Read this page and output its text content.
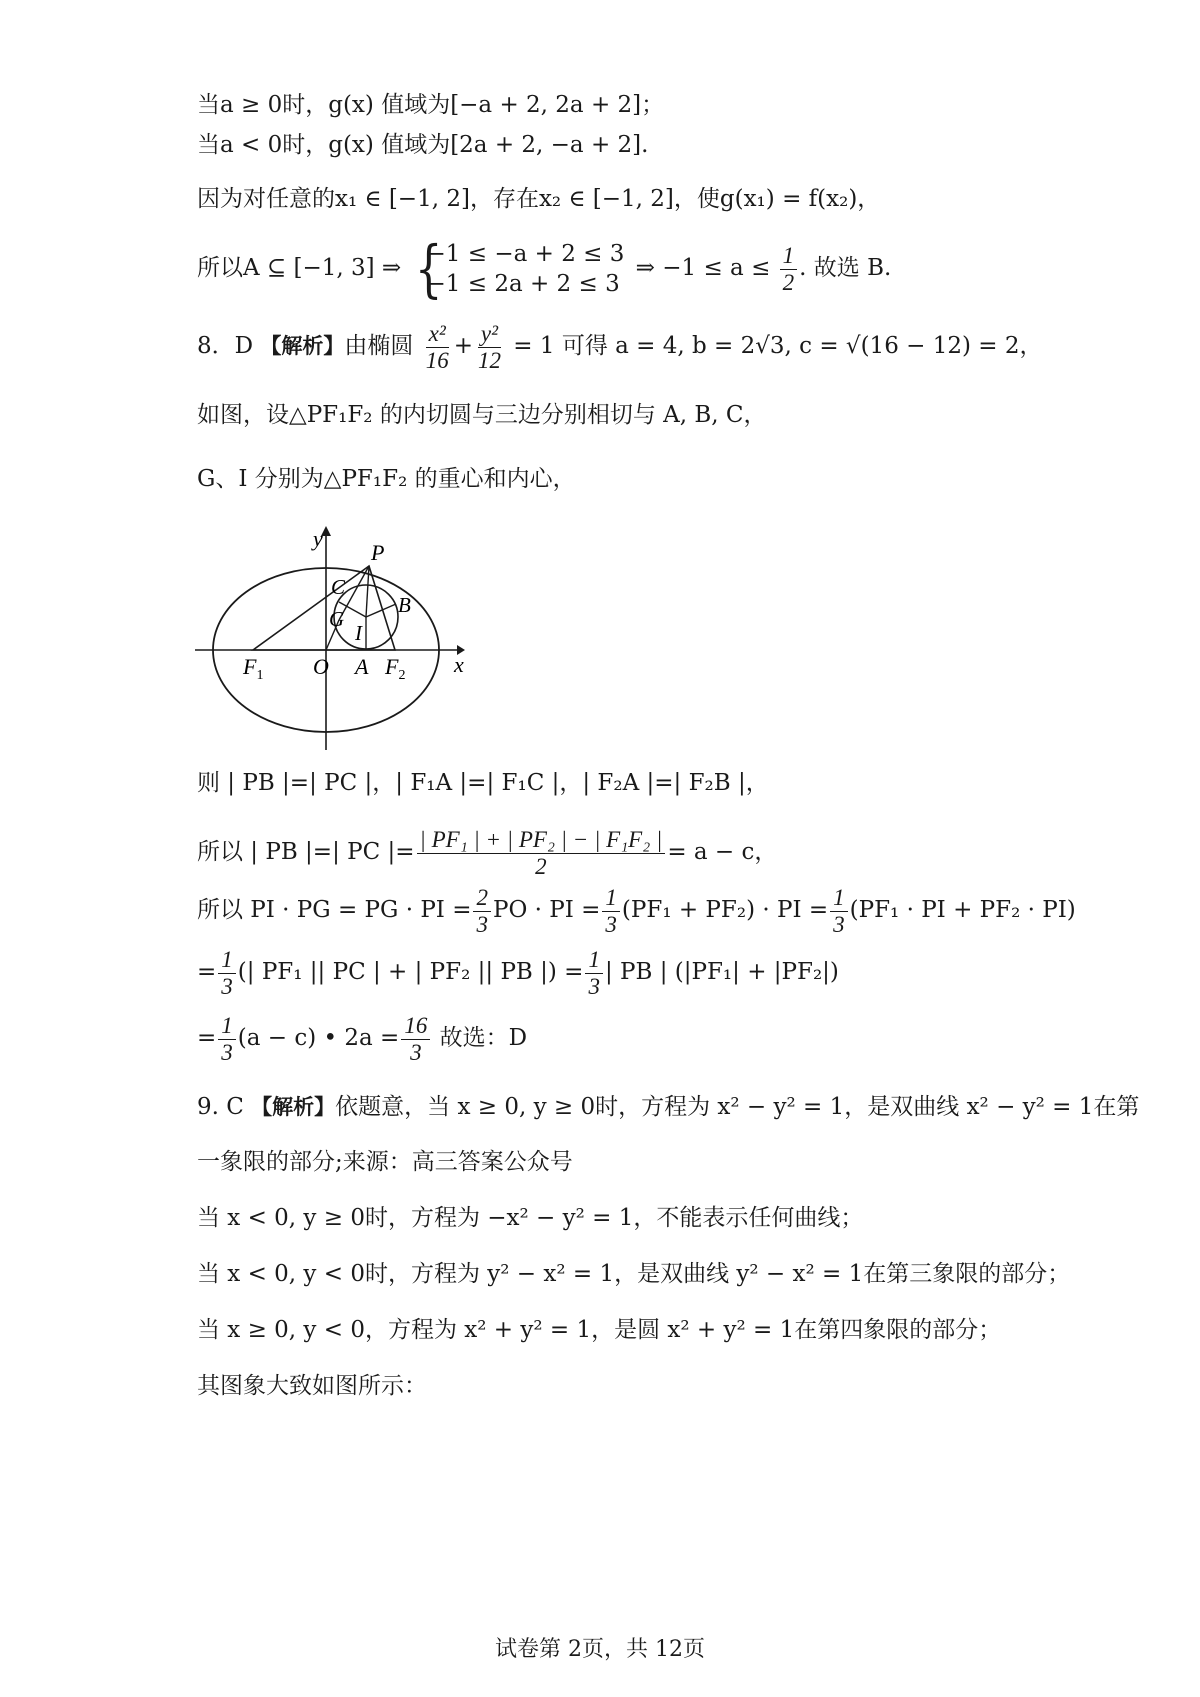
当a ≥ 0时，g(x) 值域为[−a + 2, 2a + 2]；
当a < 0时，g(x) 值域为[2a + 2, −a + 2].
因为对任意的x₁ ∈ [−1, 2]，存在x₂ ∈ [−1, 2]，使g(x₁) = f(x₂)，
所以A ⊆ [−1, 3] ⇒
{ −1 ≤ −a + 2 ≤ 3
−1 ≤ 2a + 2 ≤ 3
⇒ $-1 \le a \le \frac{1}{2}$ . 故选 B.
8．D 【解析】由椭圆 $\frac{\text{x²}}{16} + \frac{\text{y²}}{12} = 1$ 可得 a = 4, b = 2√3, c = √(16 − 12) = 2，
如图，设△PF₁F₂ 的内切圆与三边分别相切与 A, B, C，
G、I 分别为△PF₁F₂ 的重心和内心，
y
x
P
C
B
G
I
$F_1$ O A $F_2$
则 | PB |=| PC |，| F₁A |=| F₁C |，| F₂A |=| F₂B |，
所以 | PB |=| PC |= $\frac{\text{| PF₁ | + | PF₂ | − | F₁F₂ |}}{2} = a - c$，
所以 PI · PG = PG · PI = $\frac{2}{3}$ PO · PI = $\frac{1}{3} (PF_1 + PF_2)$ · PI = $\frac{1}{3} (PF_1$ · PI + PF₂ · PI)
= $\frac{1}{3}$ (| PF₁ || PC | + | PF₂ || PB |) = $\frac{1}{3}$ | PB | (|PF₁| + |PF₂|)
= $\frac{1}{3} (a - c)$ • $2a = \frac{16}{3}$ 故选：D
9. C 【解析】依题意，当 x ≥ 0, y ≥ 0时，方程为 x² − y² = 1，是双曲线 x² − y² = 1在第
一象限的部分;来源：高三答案公众号
当 x < 0, y ≥ 0时，方程为 −x² − y² = 1，不能表示任何曲线；
当 x < 0, y < 0时，方程为 y² − x² = 1，是双曲线 y² − x² = 1在第三象限的部分；
当 x ≥ 0, y < 0，方程为 x² + y² = 1，是圆 x² + y² = 1在第四象限的部分；
其图象大致如图所示：
试卷第 2页，共 12页
